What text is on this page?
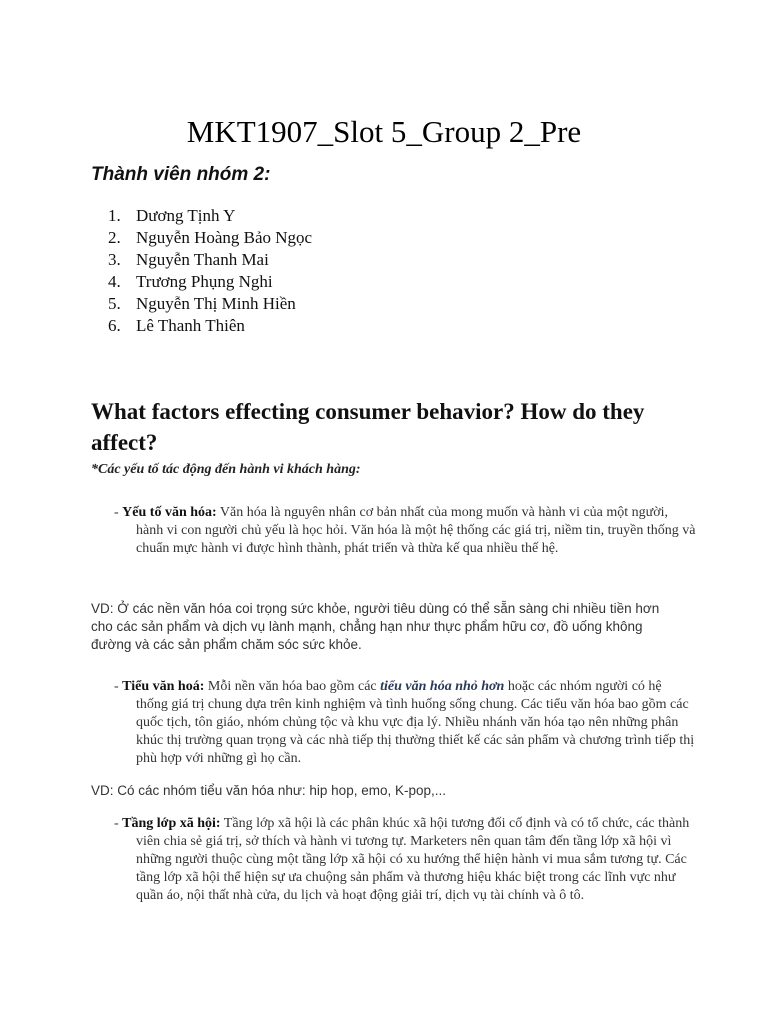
MKT1907_Slot 5_Group 2_Pre
Thành viên nhóm 2:
1. Dương Tịnh Y
2. Nguyễn Hoàng Bảo Ngọc
3. Nguyễn Thanh Mai
4. Trương Phụng Nghi
5. Nguyễn Thị Minh Hiền
6. Lê Thanh Thiên
What factors effecting consumer behavior? How do they affect?

*Các yếu tố tác động đến hành vi khách hàng:

- Yếu tố văn hóa: Văn hóa là nguyên nhân cơ bản nhất của mong muốn và hành vi của một người, hành vi con người chủ yếu là học hỏi. Văn hóa là một hệ thống các giá trị, niềm tin, truyền thống và chuẩn mực hành vi được hình thành, phát triển và thừa kế qua nhiều thế hệ.

VD: Ở các nền văn hóa coi trọng sức khỏe, người tiêu dùng có thể sẵn sàng chi nhiều tiền hơn cho các sản phẩm và dịch vụ lành mạnh, chẳng hạn như thực phẩm hữu cơ, đồ uống không đường và các sản phẩm chăm sóc sức khỏe.

- Tiểu văn hoá: Mỗi nền văn hóa bao gồm các tiểu văn hóa nhỏ hơn hoặc các nhóm người có hệ thống giá trị chung dựa trên kinh nghiệm và tình huống sống chung. Các tiểu văn hóa bao gồm các quốc tịch, tôn giáo, nhóm chủng tộc và khu vực địa lý. Nhiều nhánh văn hóa tạo nên những phân khúc thị trường quan trọng và các nhà tiếp thị thường thiết kế các sản phẩm và chương trình tiếp thị phù hợp với những gì họ cần.

VD: Có các nhóm tiểu văn hóa như: hip hop, emo, K-pop,...

- Tầng lớp xã hội: Tầng lớp xã hội là các phân khúc xã hội tương đối cố định và có tổ chức, các thành viên chia sẻ giá trị, sở thích và hành vi tương tự. Marketers nên quan tâm đến tầng lớp xã hội vì những người thuộc cùng một tầng lớp xã hội có xu hướng thể hiện hành vi mua sắm tương tự. Các tầng lớp xã hội thể hiện sự ưa chuộng sản phẩm và thương hiệu khác biệt trong các lĩnh vực như quần áo, nội thất nhà cửa, du lịch và hoạt động giải trí, dịch vụ tài chính và ô tô.
